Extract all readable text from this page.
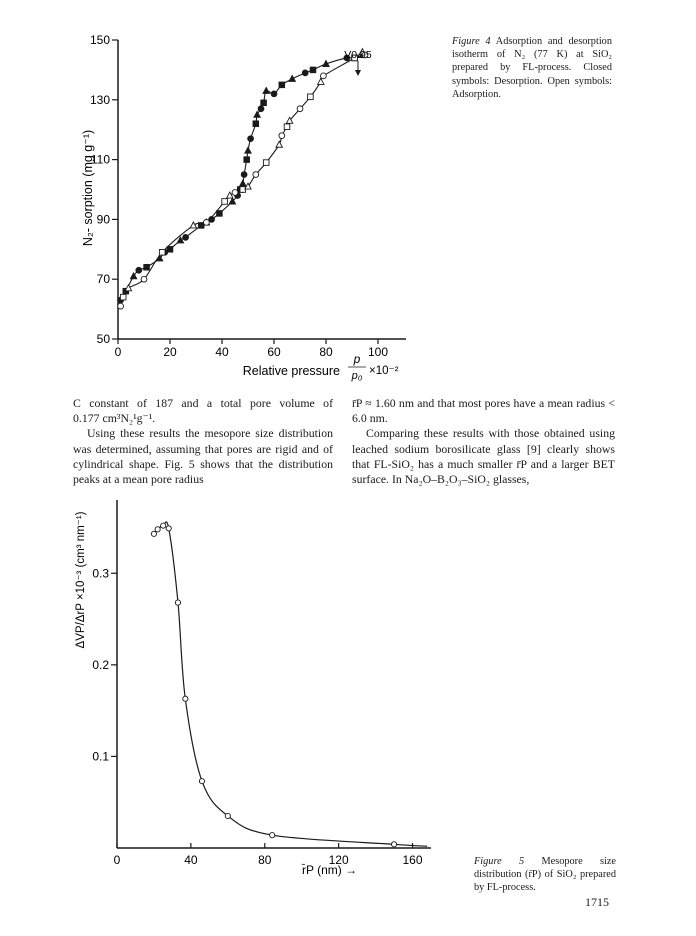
50
70
90
110
130
150
0	20	40	60	80	100
N₂- sorption (mg g⁻¹)
Relative pressure
p
p₀ ×10⁻²
V0.95
Figure 4 Adsorption and desorption isotherm of N₂ (77 K) at SiO₂ prepared by FL-process. Closed symbols: Desorption. Open symbols: Adsorption.

C constant of 187 and a total pore volume of 0.177 cm³N₂¹g⁻¹.

Using these results the mesopore size distribution was determined, assuming that pores are rigid and of cylindrical shape. Fig. 5 shows that the distribution peaks at a mean pore radius

r̄P ≈ 1.60 nm and that most pores have a mean radius < 6.0 nm.

Comparing these results with those obtained using leached sodium borosilicate glass [9] clearly shows that FL-SiO₂ has a much smaller r̄P and a larger BET surface. In Na₂O–B₂O₃–SiO₂ glasses,

0.1
0.2
0.3
0	40	80	120	160
ΔVP/ΔrP ×10⁻³ (cm³ nm⁻¹)
r̄P (nm) →
Figure 5 Mesopore size distribution (r̄P) of SiO₂ prepared by FL-process.
1715
